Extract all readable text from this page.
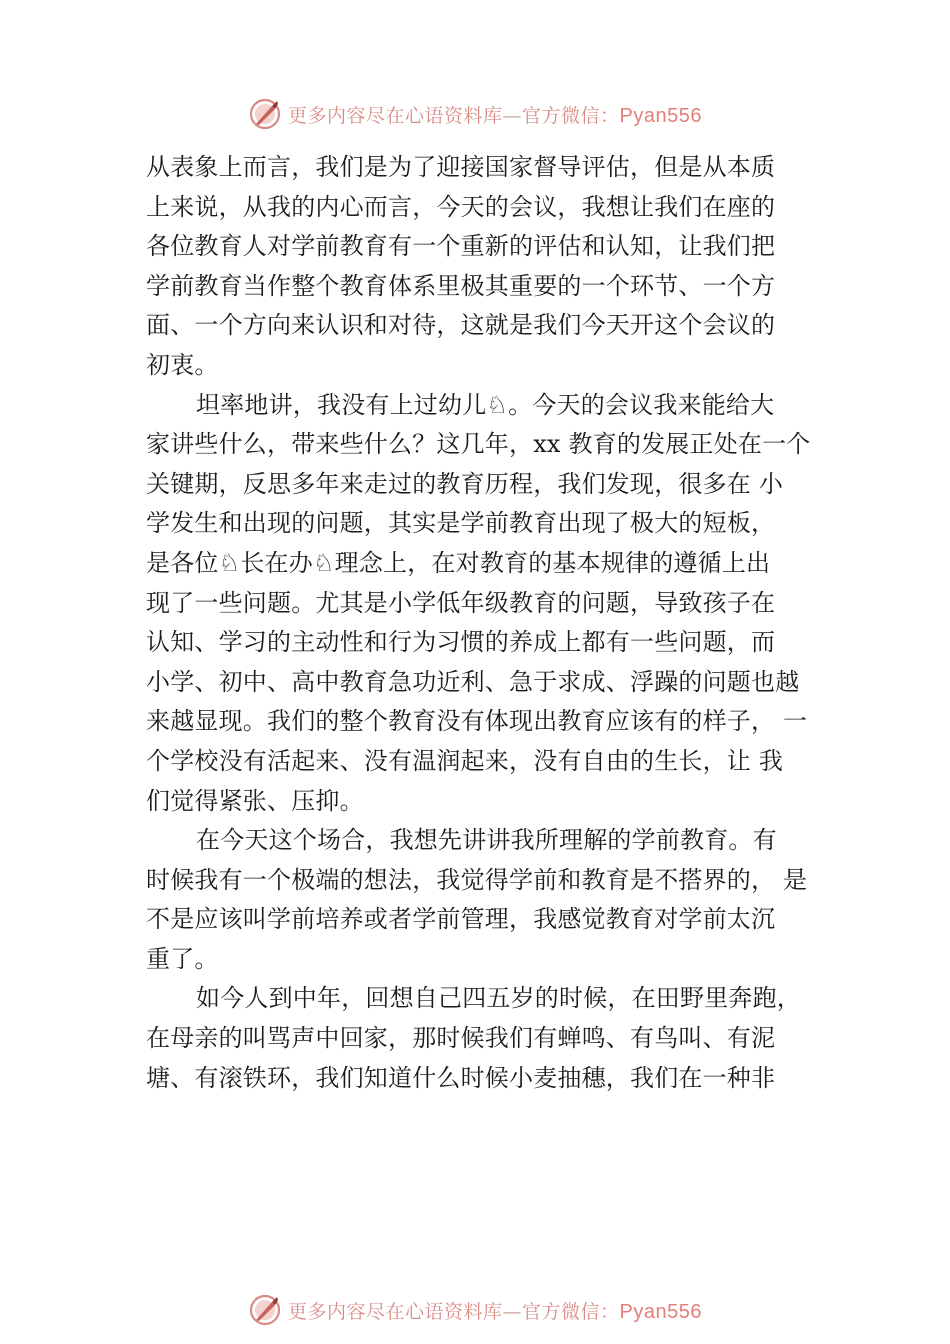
更多内容尽在心语资料库—官方微信：Pyan556
从表象上而言，我们是为了迎接国家督导评估，但是从本质
上来说，从我的内心而言，今天的会议，我想让我们在座的
各位教育人对学前教育有一个重新的评估和认知，让我们把
学前教育当作整个教育体系里极其重要的一个环节、一个方
面、一个方向来认识和对待，这就是我们今天开这个会议的
初衷。
坦率地讲，我没有上过幼儿♘。今天的会议我来能给大
家讲些什么，带来些什么？这几年，xx 教育的发展正处在一个
关键期，反思多年来走过的教育历程，我们发现，很多在 小
学发生和出现的问题，其实是学前教育出现了极大的短板，
是各位♘长在办♘理念上，在对教育的基本规律的遵循上出
现了一些问题。尤其是小学低年级教育的问题，导致孩子在
认知、学习的主动性和行为习惯的养成上都有一些问题，而
小学、初中、高中教育急功近利、急于求成、浮躁的问题也越
来越显现。我们的整个教育没有体现出教育应该有的样子， 一
个学校没有活起来、没有温润起来，没有自由的生长，让 我
们觉得紧张、压抑。
在今天这个场合，我想先讲讲我所理解的学前教育。有
时候我有一个极端的想法，我觉得学前和教育是不搭界的， 是
不是应该叫学前培养或者学前管理，我感觉教育对学前太沉
重了。
如今人到中年，回想自己四五岁的时候，在田野里奔跑，
在母亲的叫骂声中回家，那时候我们有蝉鸣、有鸟叫、有泥
塘、有滚铁环，我们知道什么时候小麦抽穗，我们在一种非
更多内容尽在心语资料库—官方微信：Pyan556
